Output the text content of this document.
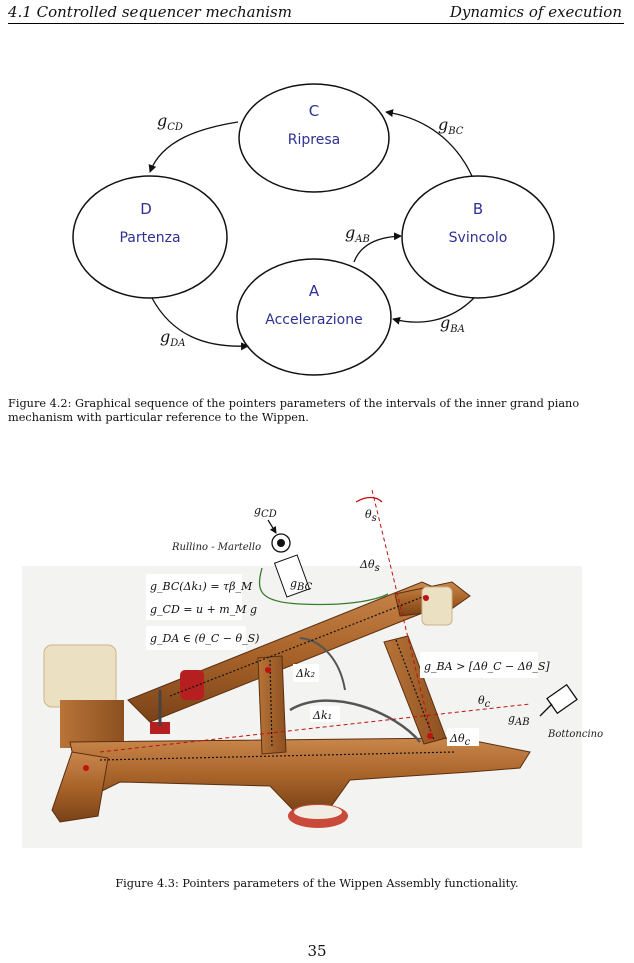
4.1 Controlled sequencer mechanism	Dynamics of execution
C
Ripresa
B
Svincolo
A
Accelerazione
D
Partenza
$g_{CD}$	$g_{BC}$
$g_{AB}$
$g_{BA}$
$g_{DA}$
Figure 4.2: Graphical sequence of the pointers parameters of the intervals of the inner grand piano mechanism with particular reference to the Wippen.
gCD
Rullino - Martello
gBC
θs
Δθs
g_BC(Δk₁) = τβ_M
g_CD = u + m_M g
g_DA ∈ (θ_C − θ_S)
Δk₂
Δk₁
g_BA > [Δθ_C − Δθ_S]
θc
Δθc
gAB
Bottoncino
Figure 4.3: Pointers parameters of the Wippen Assembly functionality.
35
